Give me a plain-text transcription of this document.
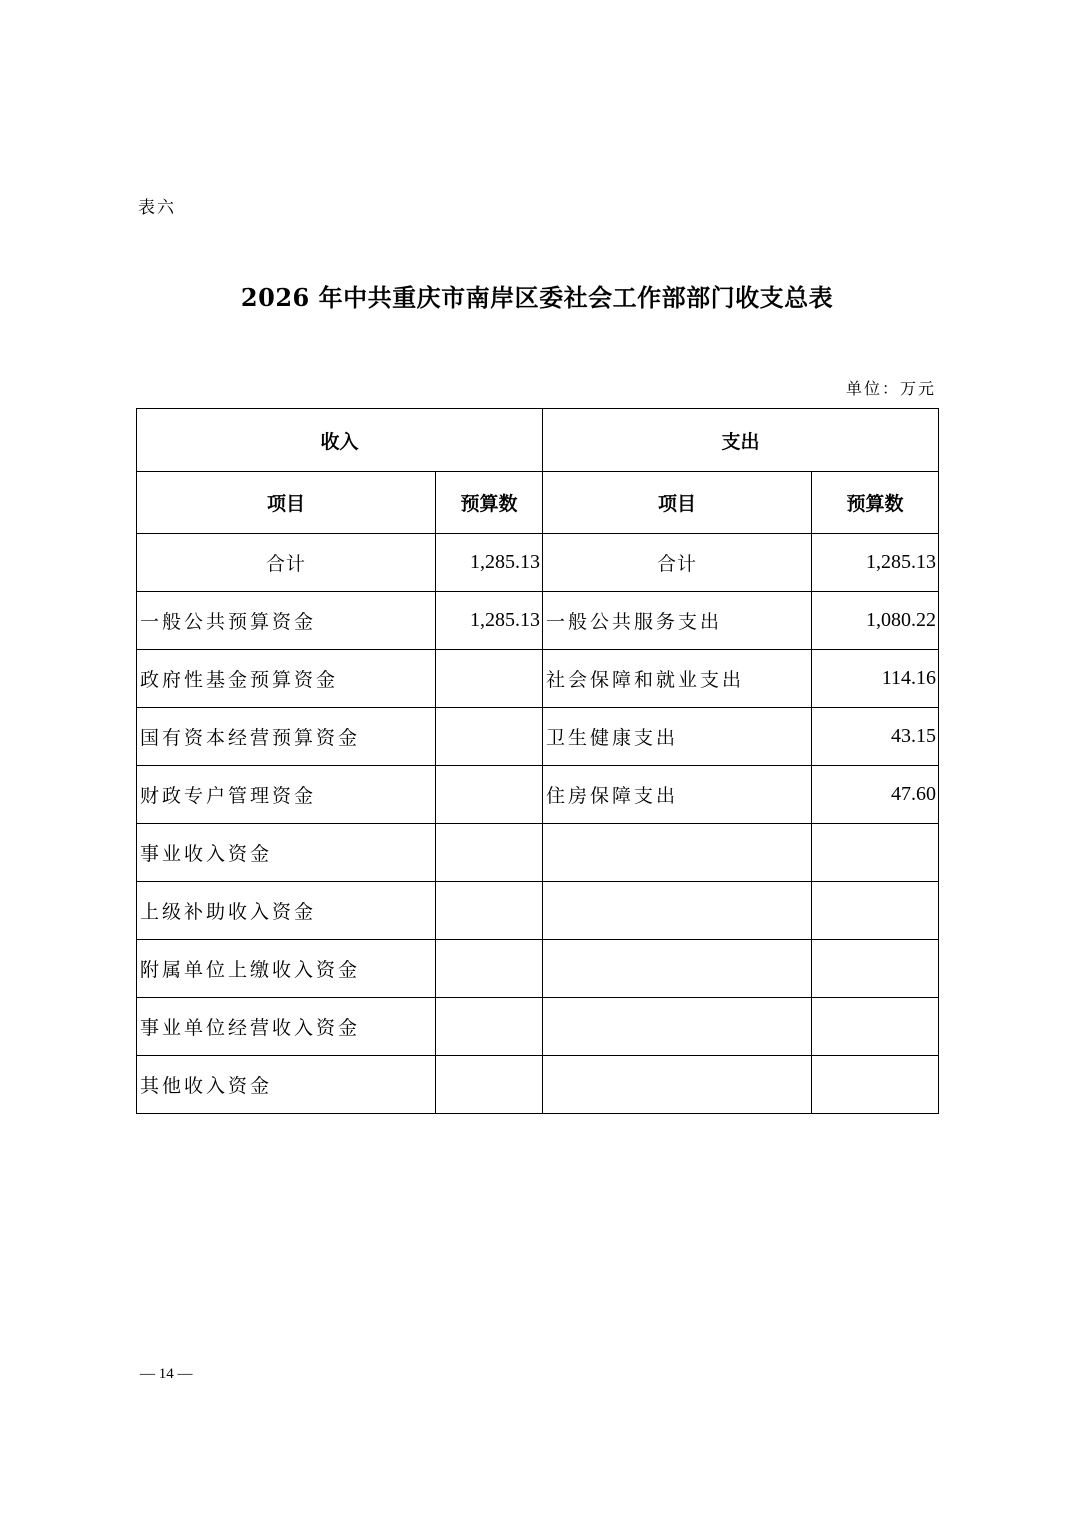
表六
2026 年中共重庆市南岸区委社会工作部部门收支总表
单位：万元
收入		支出	
项目	预算数	项目	预算数
合计	1,285.13	合计	1,285.13
一般公共预算资金	1,285.13	一般公共服务支出	1,080.22
政府性基金预算资金		社会保障和就业支出	114.16
国有资本经营预算资金		卫生健康支出	43.15
财政专户管理资金		住房保障支出	47.60
事业收入资金			
上级补助收入资金			
附属单位上缴收入资金			
事业单位经营收入资金			
其他收入资金			
— 14 —
